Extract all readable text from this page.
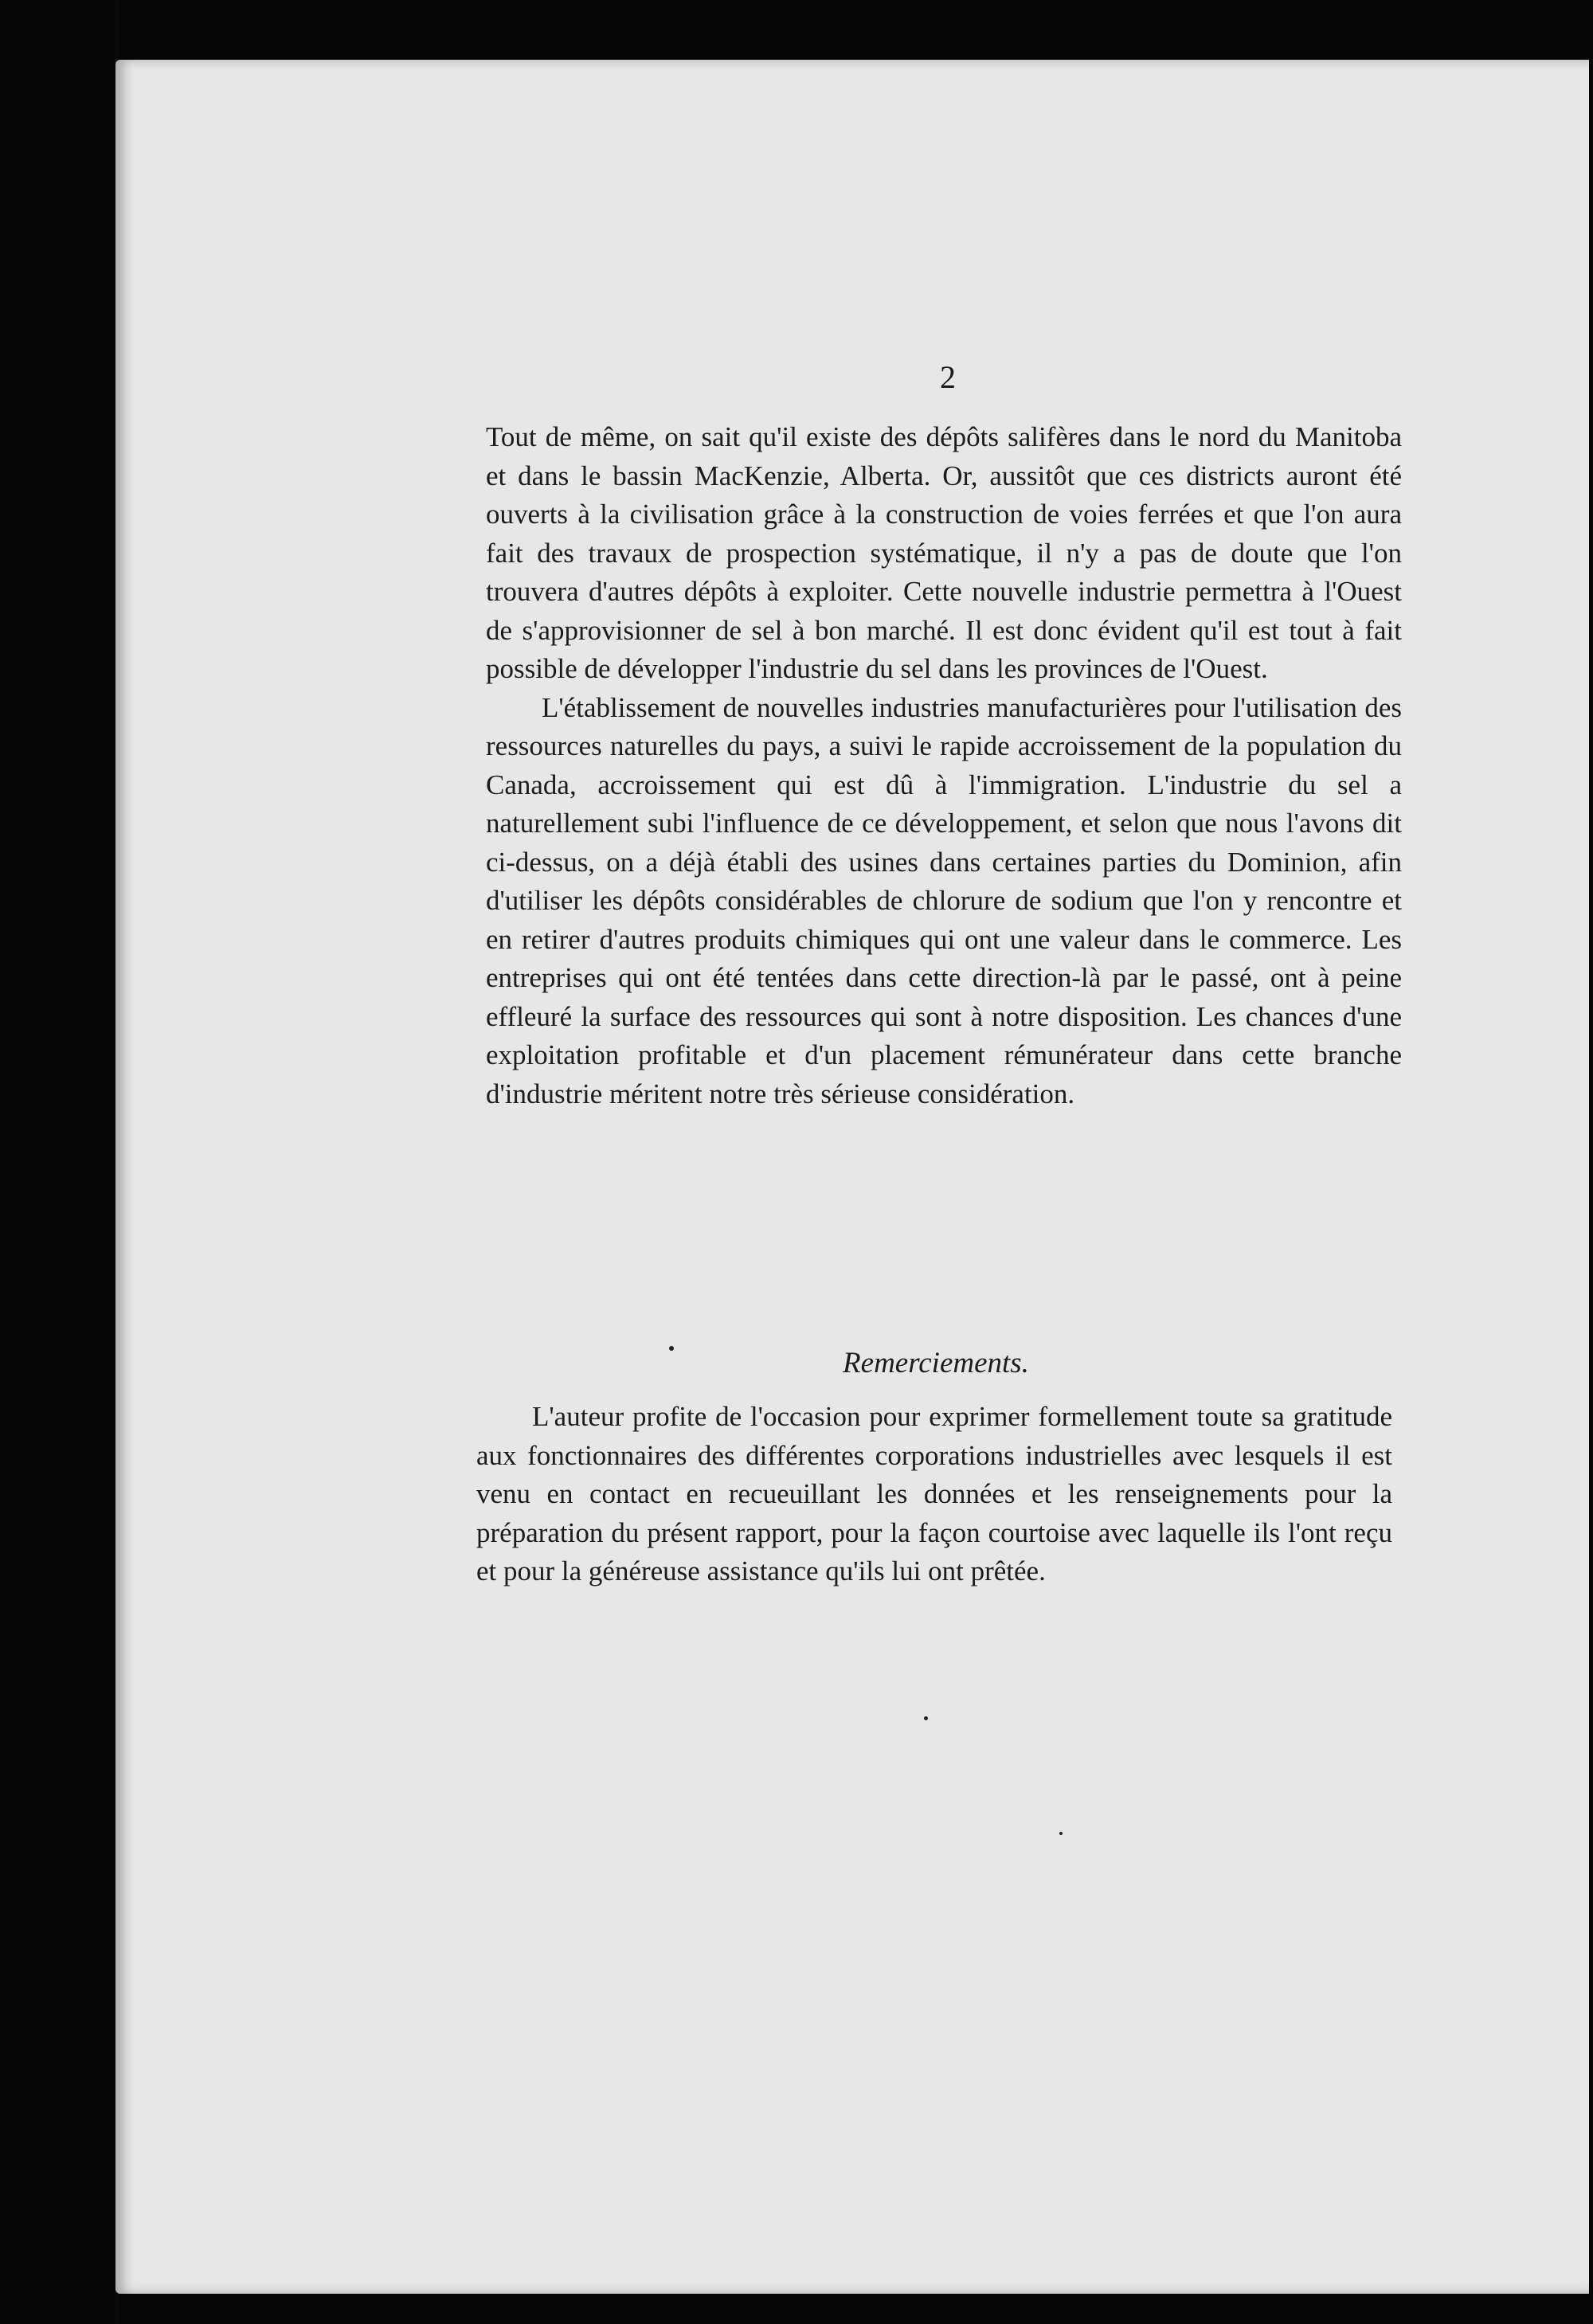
2

Tout de même, on sait qu'il existe des dépôts salifères dans le nord du Manitoba et dans le bassin MacKenzie, Alberta. Or, aussitôt que ces districts auront été ouverts à la civilisation grâce à la construction de voies ferrées et que l'on aura fait des travaux de prospection systématique, il n'y a pas de doute que l'on trouvera d'autres dépôts à exploiter. Cette nouvelle industrie permettra à l'Ouest de s'approvisionner de sel à bon marché. Il est donc évident qu'il est tout à fait possible de développer l'industrie du sel dans les provinces de l'Ouest.

L'établissement de nouvelles industries manufacturières pour l'utilisation des ressources naturelles du pays, a suivi le rapide accroissement de la population du Canada, accroissement qui est dû à l'immigration. L'industrie du sel a naturellement subi l'influence de ce développement, et selon que nous l'avons dit ci-dessus, on a déjà établi des usines dans certaines parties du Dominion, afin d'utiliser les dépôts considérables de chlorure de sodium que l'on y rencontre et en retirer d'autres produits chimiques qui ont une valeur dans le commerce. Les entreprises qui ont été tentées dans cette direction-là par le passé, ont à peine effleuré la surface des ressources qui sont à notre disposition. Les chances d'une exploitation profitable et d'un placement rémunérateur dans cette branche d'industrie méritent notre très sérieuse considération.

Remerciements.

L'auteur profite de l'occasion pour exprimer formellement toute sa gratitude aux fonctionnaires des différentes corporations industrielles avec lesquels il est venu en contact en recueuillant les données et les renseignements pour la préparation du présent rapport, pour la façon courtoise avec laquelle ils l'ont reçu et pour la généreuse assistance qu'ils lui ont prêtée.
